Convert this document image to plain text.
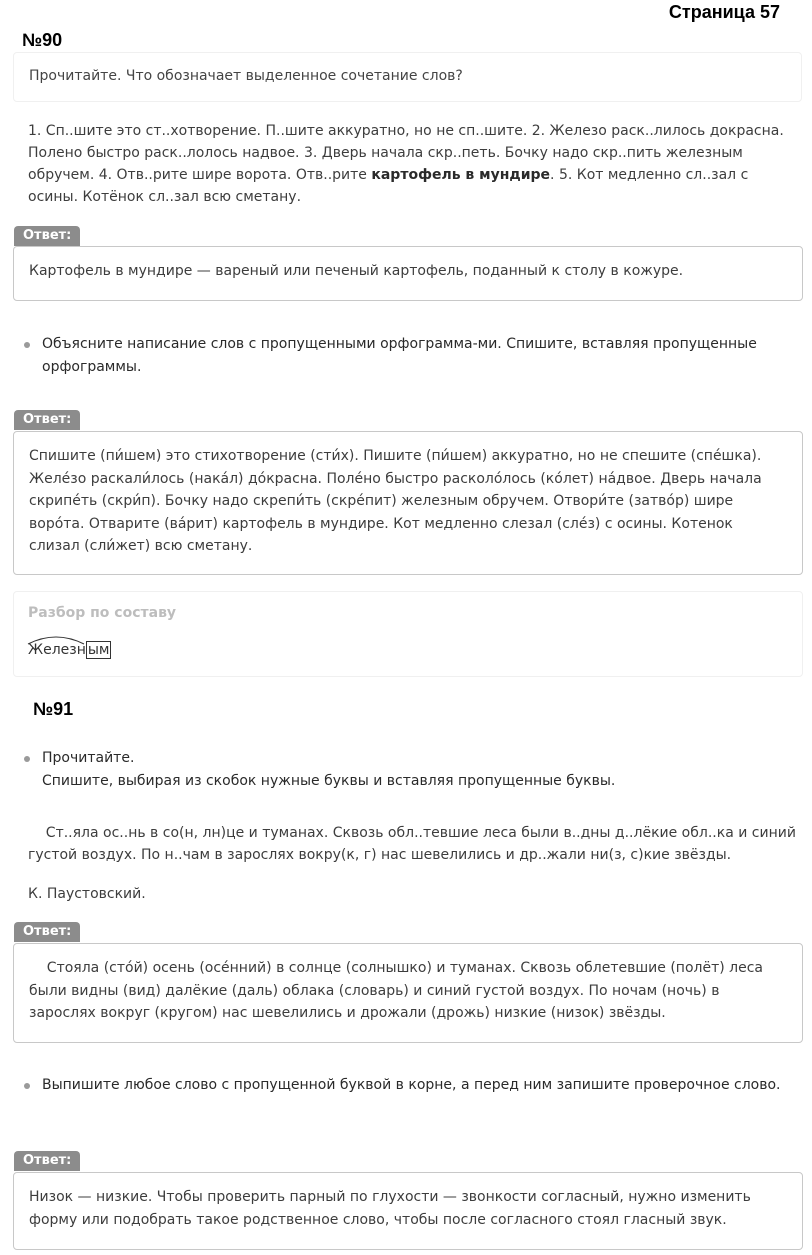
Страница 57
№90
Прочитайте. Что обозначает выделенное сочетание слов?

1. Сп..шите это ст..хотворение. П..шите аккуратно, но не сп..шите. 2. Железо раск..лилось докрасна. Полено быстро раск..лолось надвое. 3. Дверь начала скр..петь. Бочку надо скр..пить железным обручем. 4. Отв..рите шире ворота. Отв..рите картофель в мундире. 5. Кот медленно сл..зал с осины. Котёнок сл..зал всю сметану.

Ответ:
Картофель в мундире — вареный или печеный картофель, поданный к столу в кожуре.
Объясните написание слов с пропущенными орфограмма-ми. Спишите, вставляя пропущенные орфограммы.
Ответ:
Спишите (пи́шем) это стихотворение (сти́х). Пишите (пи́шем) аккуратно, но не спешите (спе́шка). Желе́зо раскали́лось (нака́л) до́красна. Поле́но быстро расколо́лось (ко́лет) на́двое. Дверь начала скрипе́ть (скри́п). Бочку надо скрепи́ть (скре́пит) железным обручем. Отвори́те (затво́р) шире воро́та. Отварите (ва́рит) картофель в мундире. Кот медленно слезал (сле́з) с осины. Котенок слизал (сли́жет) всю сметану.
Разбор по составу
Железн ым
№91
Прочитайте.
Спишите, выбирая из скобок нужные буквы и вставляя пропущенные буквы.

Ст..яла ос..нь в со(н, лн)це и туманах. Сквозь обл..тевшие леса были в..дны д..лёкие обл..ка и синий густой воздух. По н..чам в зарослях вокру(к, г) нас шевелились и др..жали ни(з, с)кие звёзды.

К. Паустовский.

Ответ:
Стояла (сто́й) осень (осе́нний) в солнце (солнышко) и туманах. Сквозь облетевшие (полёт) леса были видны (вид) далёкие (даль) облака (словарь) и синий густой воздух. По ночам (ночь) в зарослях вокруг (кругом) нас шевелились и дрожали (дрожь) низкие (низок) звёзды.
Выпишите любое слово с пропущенной буквой в корне, а перед ним запишите проверочное слово.
Ответ:
Низок — низкие. Чтобы проверить парный по глухости — звонкости согласный, нужно изменить форму или подобрать такое родственное слово, чтобы после согласного стоял гласный звук.
